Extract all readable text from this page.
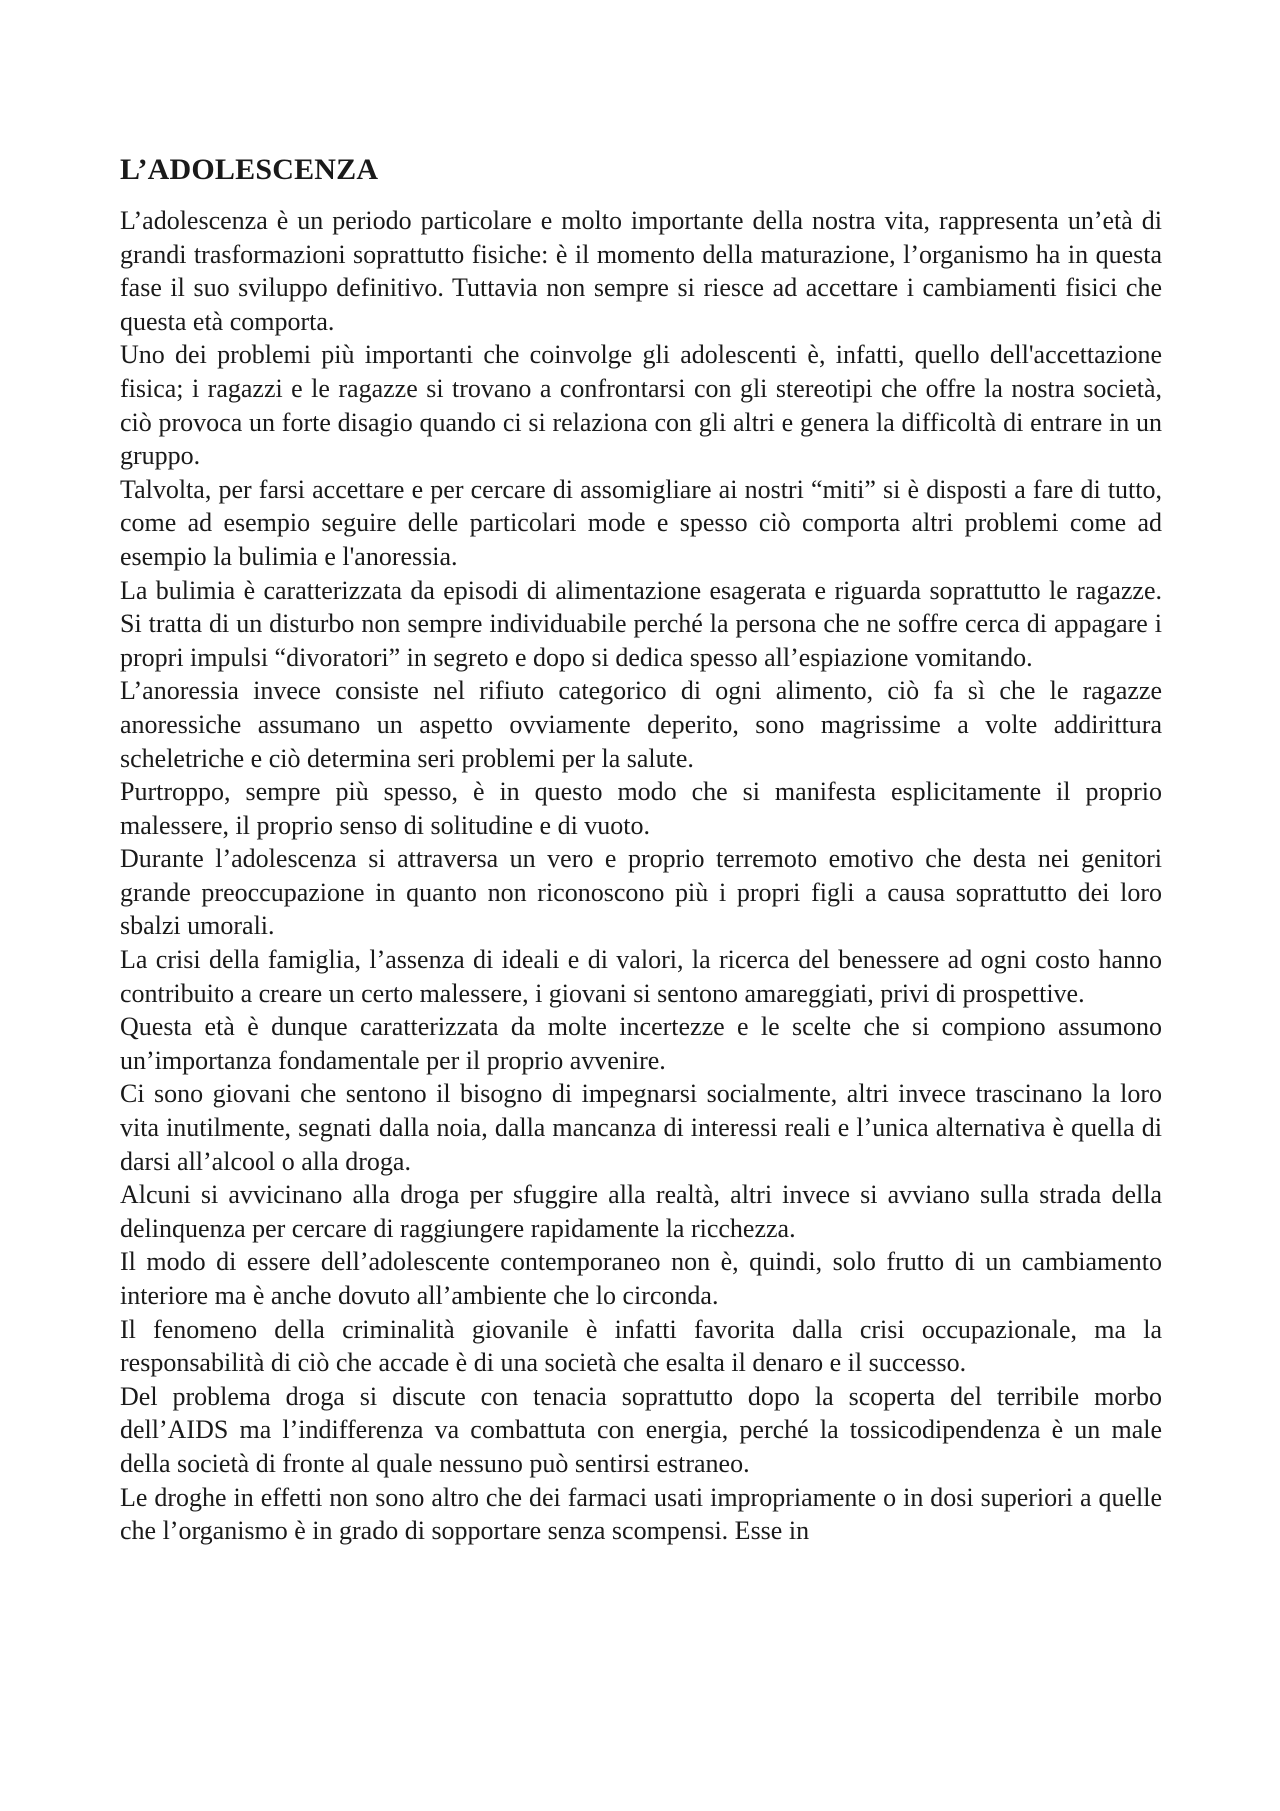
L’ADOLESCENZA

L’adolescenza è un periodo particolare e molto importante della nostra vita, rappresenta un’età di grandi trasformazioni soprattutto fisiche: è il momento della maturazione, l’organismo ha in questa fase il suo sviluppo definitivo. Tuttavia non sempre si riesce ad accettare i cambiamenti fisici che questa età comporta.

Uno dei problemi più importanti che coinvolge gli adolescenti è, infatti, quello dell'accettazione fisica; i ragazzi e le ragazze si trovano a confrontarsi con gli stereotipi che offre la nostra società, ciò provoca un forte disagio quando ci si relaziona con gli altri e genera la difficoltà di entrare in un gruppo.

Talvolta, per farsi accettare e per cercare di assomigliare ai nostri “miti” si è disposti a fare di tutto, come ad esempio seguire delle particolari mode e spesso ciò comporta altri problemi come ad esempio la bulimia e l'anoressia.

La bulimia è caratterizzata da episodi di alimentazione esagerata e riguarda soprattutto le ragazze. Si tratta di un disturbo non sempre individuabile perché la persona che ne soffre cerca di appagare i propri impulsi “divoratori” in segreto e dopo si dedica spesso all’espiazione vomitando.

L’anoressia invece consiste nel rifiuto categorico di ogni alimento, ciò fa sì che le ragazze anoressiche assumano un aspetto ovviamente deperito, sono magrissime a volte addirittura scheletriche e ciò determina seri problemi per la salute.

Purtroppo, sempre più spesso, è in questo modo che si manifesta esplicitamente il proprio malessere, il proprio senso di solitudine e di vuoto.

Durante l’adolescenza si attraversa un vero e proprio terremoto emotivo che desta nei genitori grande preoccupazione in quanto non riconoscono più i propri figli a causa soprattutto dei loro sbalzi umorali.

La crisi della famiglia, l’assenza di ideali e di valori, la ricerca del benessere ad ogni costo hanno contribuito a creare un certo malessere, i giovani si sentono amareggiati, privi di prospettive.

Questa età è dunque caratterizzata da molte incertezze e le scelte che si compiono assumono un’importanza fondamentale per il proprio avvenire.

Ci sono giovani che sentono il bisogno di impegnarsi socialmente, altri invece trascinano la loro vita inutilmente, segnati dalla noia, dalla mancanza di interessi reali e l’unica alternativa è quella di darsi all’alcool o alla droga.

Alcuni si avvicinano alla droga per sfuggire alla realtà, altri invece si avviano sulla strada della delinquenza per cercare di raggiungere rapidamente la ricchezza.

Il modo di essere dell’adolescente contemporaneo non è, quindi, solo frutto di un cambiamento interiore ma è anche dovuto all’ambiente che lo circonda.

Il fenomeno della criminalità giovanile è infatti favorita dalla crisi occupazionale, ma la responsabilità di ciò che accade è di una società che esalta il denaro e il successo.

Del problema droga si discute con tenacia soprattutto dopo la scoperta del terribile morbo dell’AIDS ma l’indifferenza va combattuta con energia, perché la tossicodipendenza è un male della società di fronte al quale nessuno può sentirsi estraneo.

Le droghe in effetti non sono altro che dei farmaci usati impropriamente o in dosi superiori a quelle che l’organismo è in grado di sopportare senza scompensi. Esse in
